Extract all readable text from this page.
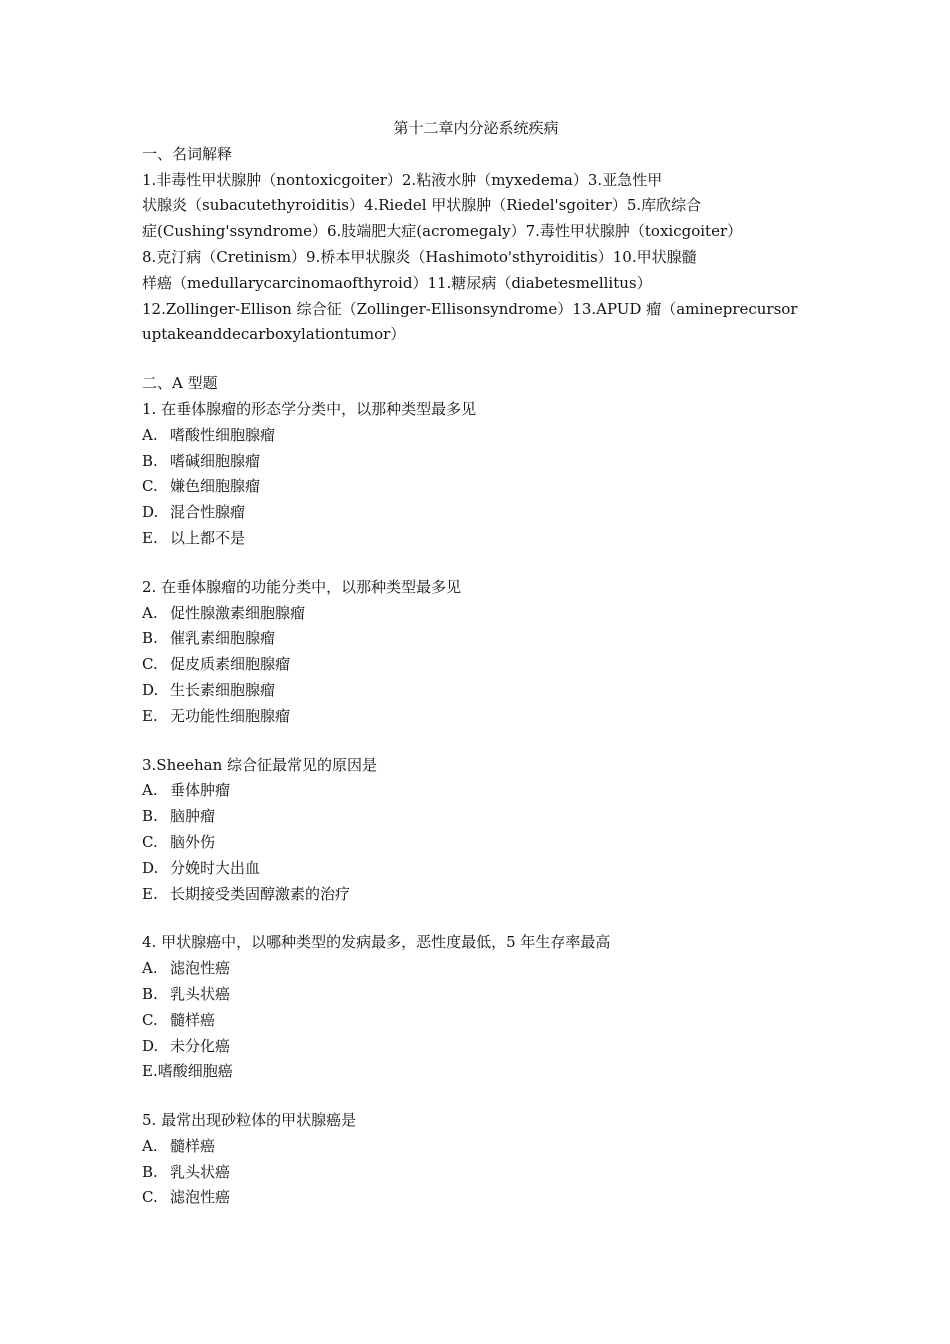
第十二章内分泌系统疾病
一、名词解释
1.非毒性甲状腺肿（nontoxicgoiter）2.粘液水肿（myxedema）3.亚急性甲
状腺炎（subacutethyroiditis）4.Riedel 甲状腺肿（Riedel'sgoiter）5.库欣综合
症(Cushing'ssyndrome）6.肢端肥大症(acromegaly）7.毒性甲状腺肿（toxicgoiter）
8.克汀病（Cretinism）9.桥本甲状腺炎（Hashimoto'sthyroiditis）10.甲状腺髓
样癌（medullarycarcinomaofthyroid）11.糖尿病（diabetesmellitus）
12.Zollinger-Ellison 综合征（Zollinger-Ellisonsyndrome）13.APUD 瘤（amineprecursor
uptakeanddecarboxylationtumor）
二、A 型题
1. 在垂体腺瘤的形态学分类中，以那种类型最多见
A. 嗜酸性细胞腺瘤
B. 嗜碱细胞腺瘤
C. 嫌色细胞腺瘤
D. 混合性腺瘤
E. 以上都不是
2. 在垂体腺瘤的功能分类中，以那种类型最多见
A. 促性腺激素细胞腺瘤
B. 催乳素细胞腺瘤
C. 促皮质素细胞腺瘤
D. 生长素细胞腺瘤
E. 无功能性细胞腺瘤
3.Sheehan 综合征最常见的原因是
A. 垂体肿瘤
B. 脑肿瘤
C. 脑外伤
D. 分娩时大出血
E. 长期接受类固醇激素的治疗
4. 甲状腺癌中，以哪种类型的发病最多，恶性度最低，5 年生存率最高
A. 滤泡性癌
B. 乳头状癌
C. 髓样癌
D. 未分化癌
E.嗜酸细胞癌
5. 最常出现砂粒体的甲状腺癌是
A. 髓样癌
B. 乳头状癌
C. 滤泡性癌
